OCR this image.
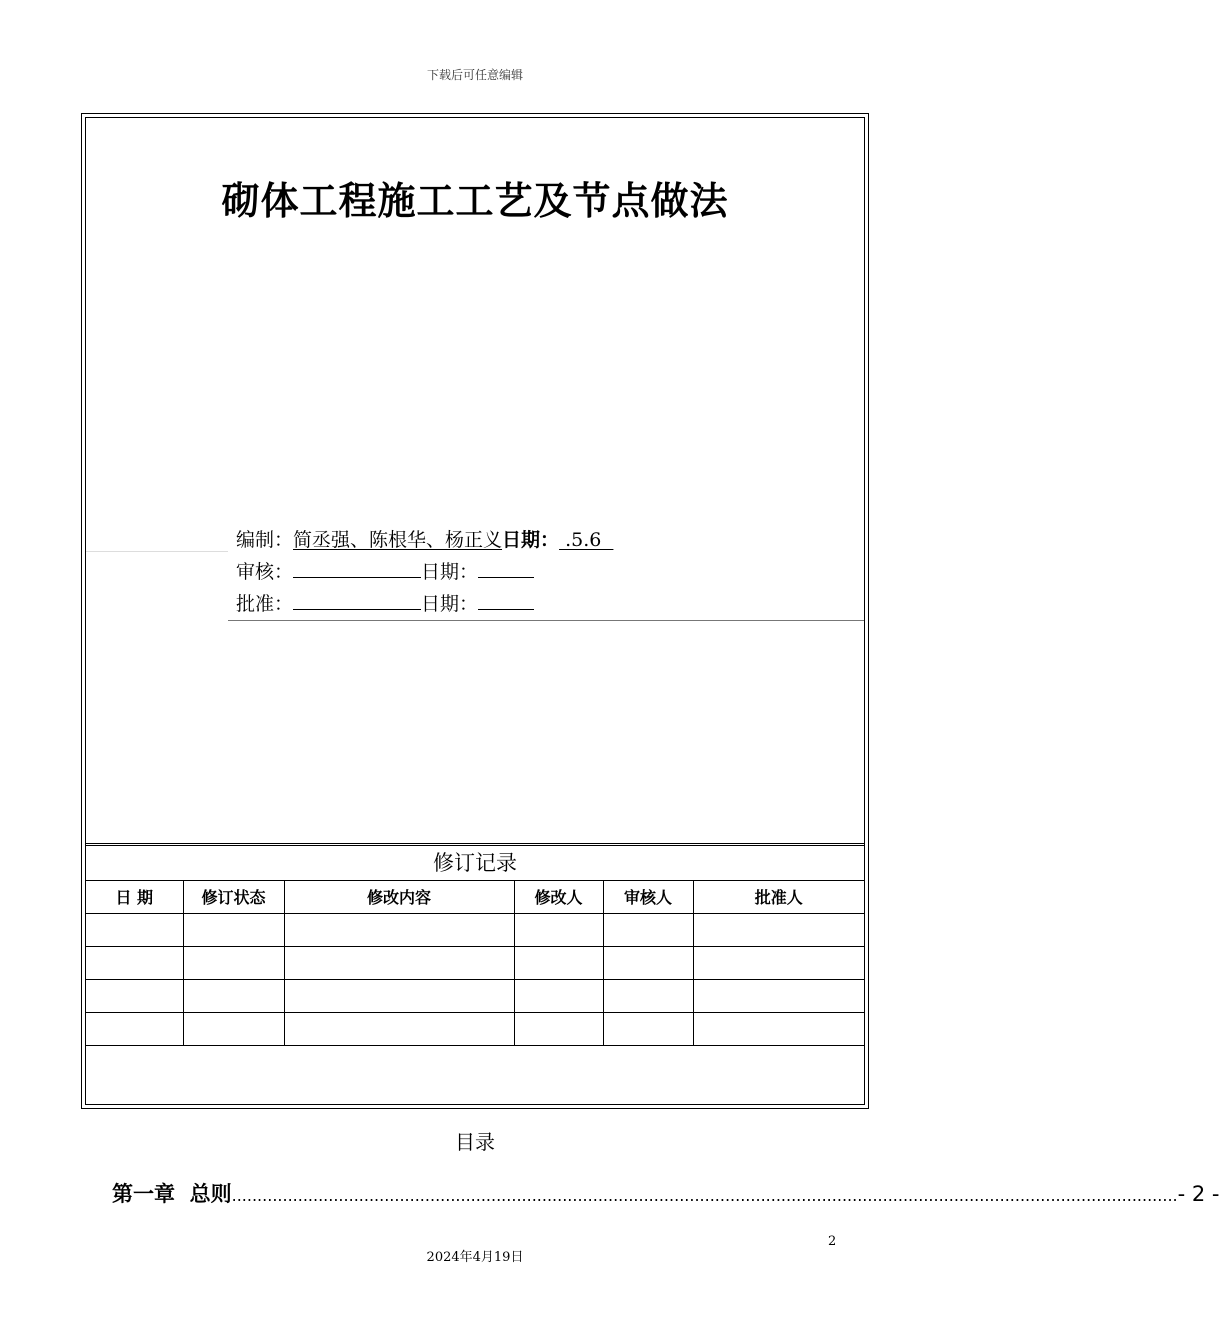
下载后可任意编辑
砌体工程施工工艺及节点做法
编制： 简丞强、陈根华、杨正义 日期： .5.6
审核：	日期：
批准：	日期：
修订记录
日 期	修订状态	修改内容	修改人	审核人	批准人

目录
第一章  总则 .......................................................................................................................................................................................... - 2 -
2
2024年4月19日
